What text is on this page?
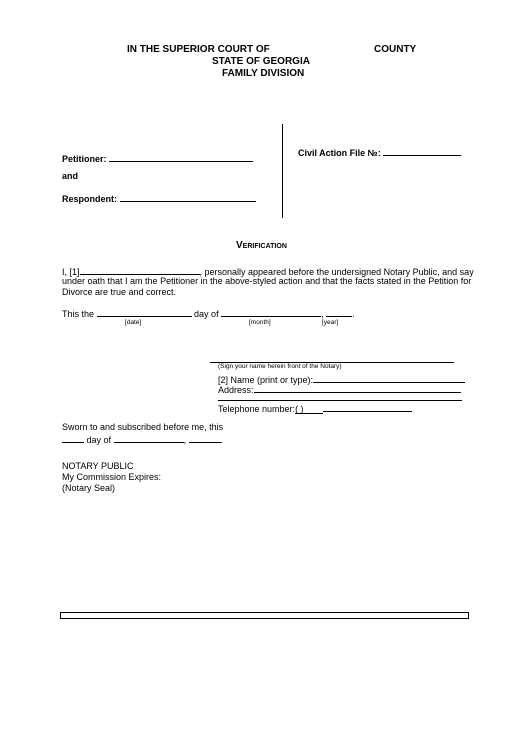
IN THE SUPERIOR COURT OF	COUNTY
STATE OF GEORGIA
FAMILY DIVISION
Petitioner:
and
Respondent:
Civil Action File №:
Verification
I, [1]	, personally appeared before the undersigned Notary Public, and say
under oath that I am the Petitioner in the above-styled action and that the facts stated in the Petition for
Divorce are true and correct.
This the	day of	,	.
[date]	[month]	[year]
(Sign your name herein front of the Notary)
[2] Name (print or type):
Address:
Telephone number:( )
Sworn to and subscribed before me, this
day of	,	.
NOTARY PUBLIC
My Commission Expires:
(Notary Seal)
